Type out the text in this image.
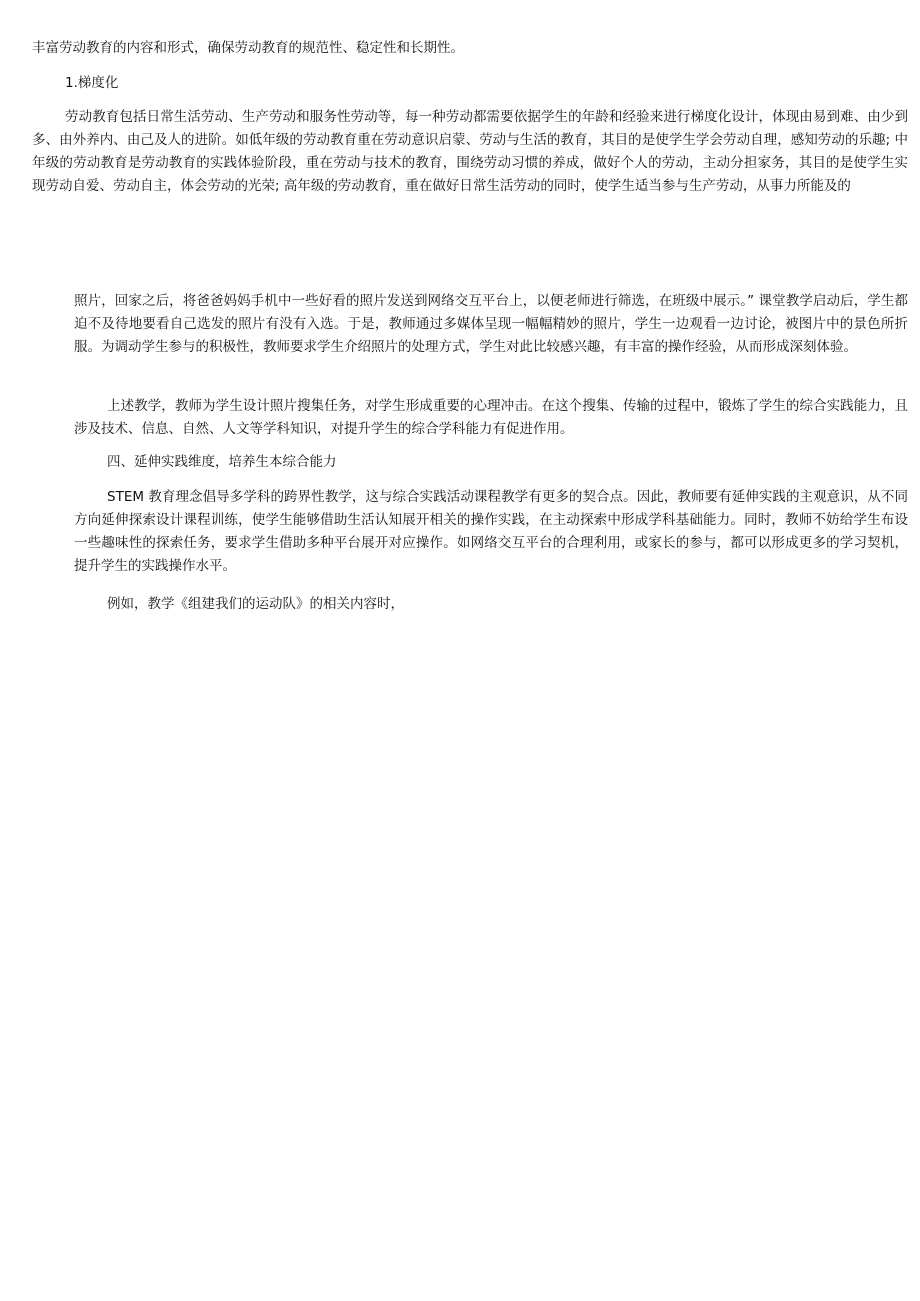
丰富劳动教育的内容和形式，确保劳动教育的规范性、稳定性和长期性。

1.梯度化

劳动教育包括日常生活劳动、生产劳动和服务性劳动等，每一种劳动都需要依据学生的年龄和经验来进行梯度化设计，体现由易到难、由少到多、由外养内、由己及人的进阶。如低年级的劳动教育重在劳动意识启蒙、劳动与生活的教育，其目的是使学生学会劳动自理，感知劳动的乐趣; 中年级的劳动教育是劳动教育的实践体验阶段，重在劳动与技术的教育，围绕劳动习惯的养成，做好个人的劳动，主动分担家务，其目的是使学生实现劳动自爱、劳动自主，体会劳动的光荣; 高年级的劳动教育，重在做好日常生活劳动的同时，使学生适当参与生产劳动，从事力所能及的

照片，回家之后，将爸爸妈妈手机中一些好看的照片发送到网络交互平台上，以便老师进行筛选，在班级中展示。” 课堂教学启动后，学生都迫不及待地要看自己选发的照片有没有入选。于是，教师通过多媒体呈现一幅幅精妙的照片，学生一边观看一边讨论，被图片中的景色所折服。为调动学生参与的积极性，教师要求学生介绍照片的处理方式，学生对此比较感兴趣，有丰富的操作经验，从而形成深刻体验。

上述教学，教师为学生设计照片搜集任务，对学生形成重要的心理冲击。在这个搜集、传输的过程中，锻炼了学生的综合实践能力，且涉及技术、信息、自然、人文等学科知识，对提升学生的综合学科能力有促进作用。

四、延伸实践维度，培养生本综合能力

STEM 教育理念倡导多学科的跨界性教学，这与综合实践活动课程教学有更多的契合点。因此，教师要有延伸实践的主观意识，从不同方向延伸探索设计课程训练，使学生能够借助生活认知展开相关的操作实践，在主动探索中形成学科基础能力。同时，教师不妨给学生布设一些趣味性的探索任务，要求学生借助多种平台展开对应操作。如网络交互平台的合理利用，或家长的参与，都可以形成更多的学习契机，提升学生的实践操作水平。

例如，教学《组建我们的运动队》的相关内容时，
